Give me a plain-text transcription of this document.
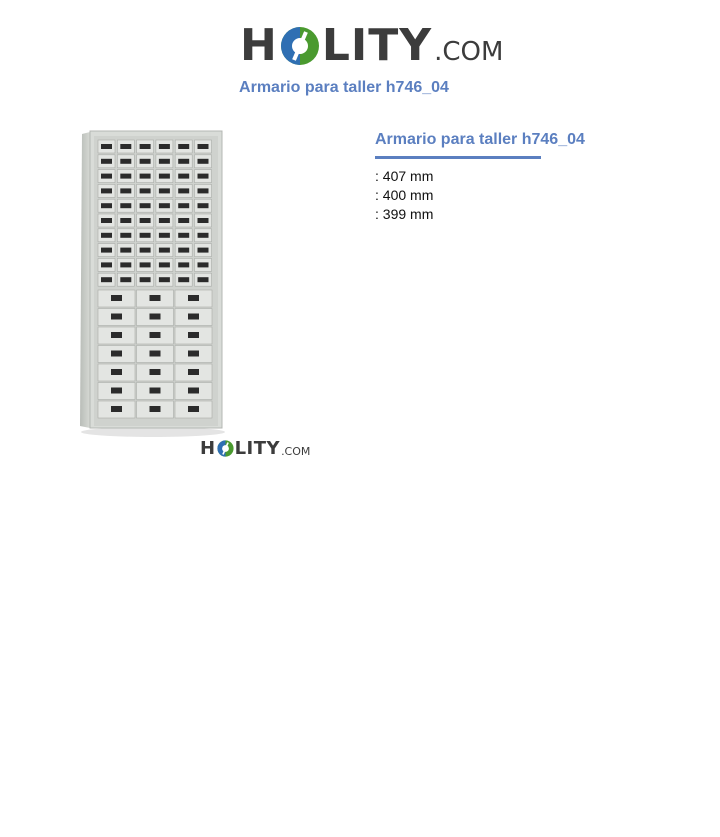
H LITY .COM
Armario para taller h746_04
H LITY .COM
Armario para taller h746_04
: 407 mm
: 400 mm
: 399 mm
